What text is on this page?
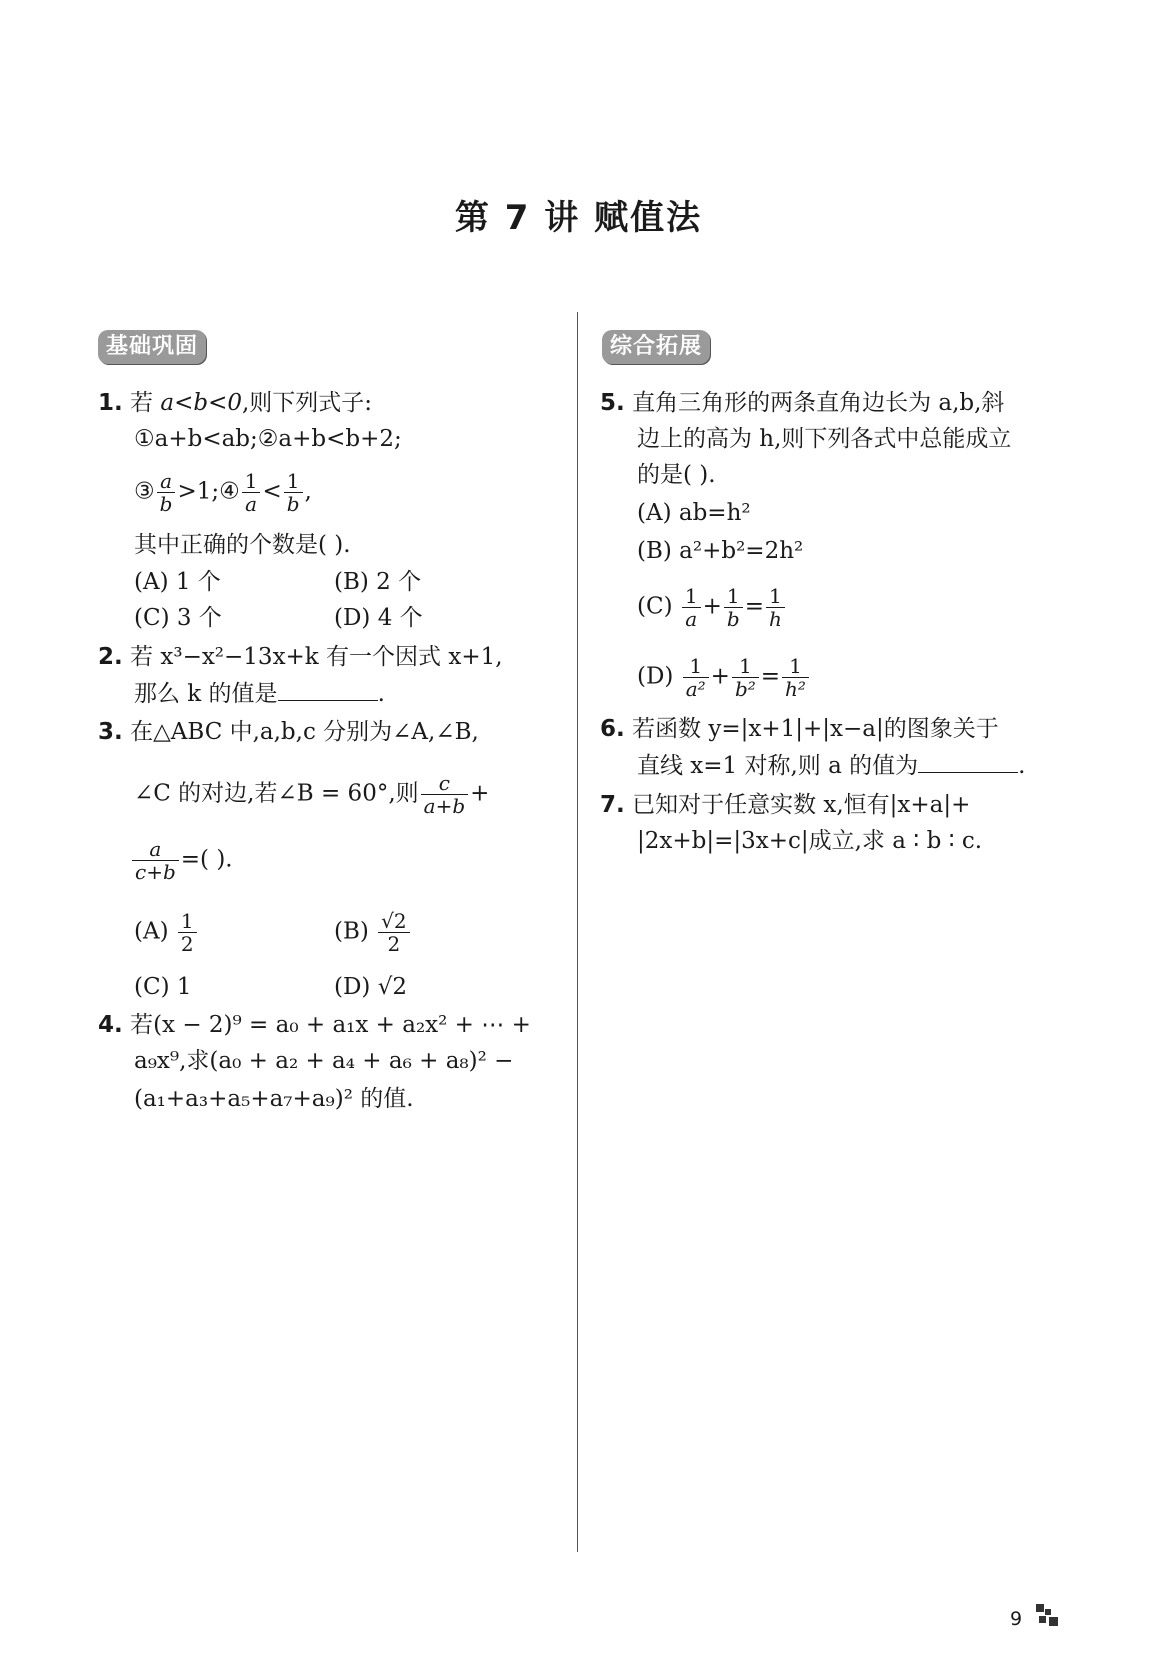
第 7 讲 赋值法
基础巩固	综合拓展
1. 若 a<b<0,则下列式子:
①a+b<ab;②a+b<b+2;
③ $\frac{a}{b}$ >1;④ $\frac{1}{a} < \frac{1}{b}$ ,
其中正确的个数是( ).
(A) 1 个	(B) 2 个
(C) 3 个	(D) 4 个
2. 若 x³−x²−13x+k 有一个因式 x+1,
那么 k 的值是	.
3. 在△ABC 中,a,b,c 分别为∠A,∠B,
∠C 的对边,若∠B = 60°,则 $\frac{c}{a+b}$ +
$\frac{a}{c+b}$ =( ).
$(A) \frac{1}{2}$	$(B) \frac{√2}{2}$
(C) 1	(D) √2
4. 若(x − 2)⁹ = a₀ + a₁x + a₂x² + ⋯ +
a₉x⁹,求(a₀ + a₂ + a₄ + a₆ + a₈)² −
(a₁+a₃+a₅+a₇+a₉)² 的值.
5. 直角三角形的两条直角边长为 a,b,斜
边上的高为 h,则下列各式中总能成立
的是( ).
(A) ab=h²
(B) a²+b²=2h²
$(C) \frac{1}{a} + \frac{1}{b} = \frac{1}{h}$
$(D) \frac{1}{\text{a²}} + \frac{1}{\text{b²}} = \frac{1}{\text{h²}}$
6. 若函数 y=|x+1|+|x−a|的图象关于
直线 x=1 对称,则 a 的值为	.
7. 已知对于任意实数 x,恒有|x+a|+
|2x+b|=|3x+c|成立,求 a ∶ b ∶ c.
9
